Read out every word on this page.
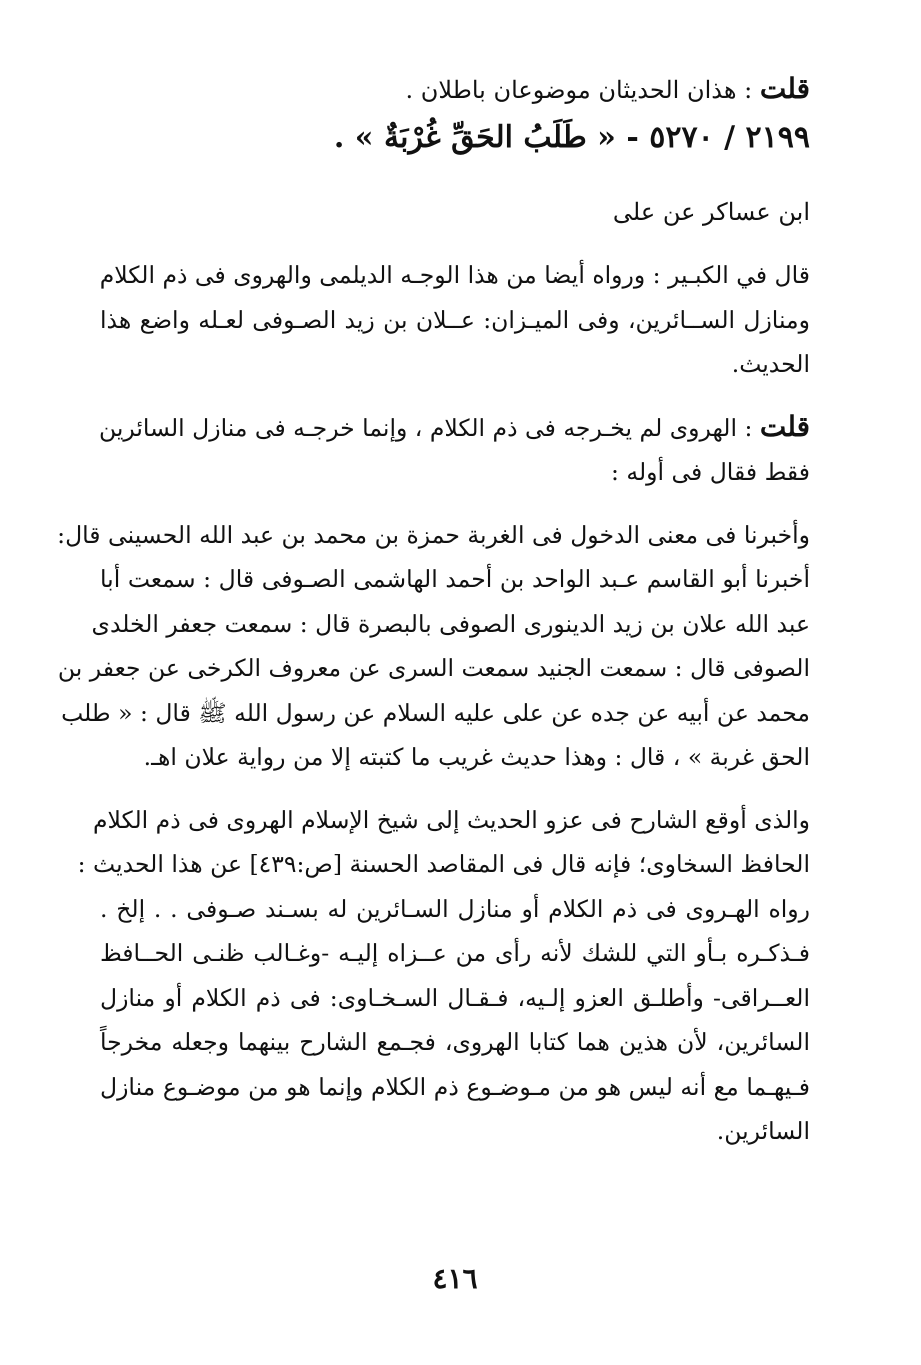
قلت : هذان الحديثان موضوعان باطلان .
٢١٩٩ / ٥٢٧٠ - « طَلَبُ الحَقِّ غُرْبَةٌ » .
ابن عساكر عن على
قال في الكبـير : ورواه أيضا من هذا الوجـه الديلمى والهروى فى ذم الكلام
ومنازل الســائرين، وفى الميـزان: عــلان بن زيد الصـوفى لعـله واضع هذا
الحديث.
قلت : الهروى لم يخـرجه فى ذم الكلام ، وإنما خرجـه فى منازل السائرين
فقط فقال فى أوله :
وأخبرنا فى معنى الدخول فى الغربة حمزة بن محمد بن عبد الله الحسينى قال:
أخبرنا أبو القاسم عـبد الواحد بن أحمد الهاشمى الصـوفى قال : سمعت أبا
عبد الله علان بن زيد الدينورى الصوفى بالبصرة قال : سمعت جعفر الخلدى
الصوفى قال : سمعت الجنيد سمعت السرى عن معروف الكرخى عن جعفر بن
محمد عن أبيه عن جده عن على عليه السلام عن رسول الله ﷺ قال : « طلب
الحق غربة » ، قال : وهذا حديث غريب ما كتبته إلا من رواية علان اهـ.
والذى أوقع الشارح فى عزو الحديث إلى شيخ الإسلام الهروى فى ذم الكلام
الحافظ السخاوى؛ فإنه قال فى المقاصد الحسنة [ص:٤٣٩] عن هذا الحديث :
رواه الهـروى فى ذم الكلام أو منازل السـائرين له بسـند صـوفى . . إلخ .
فـذكـره بـأو التي للشك لأنه رأى من عــزاه إليـه -وغـالب ظنـى الحــافظ
العــراقى- وأطلـق العزو إلـيه، فـقـال السـخـاوى: فى ذم الكلام أو منازل
السائرين، لأن هذين هما كتابا الهروى، فجـمع الشارح بينهما وجعله مخرجاً
فـيهـما مع أنه ليس هو من مـوضـوع ذم الكلام وإنما هو من موضـوع منازل
السائرين.
٤١٦
